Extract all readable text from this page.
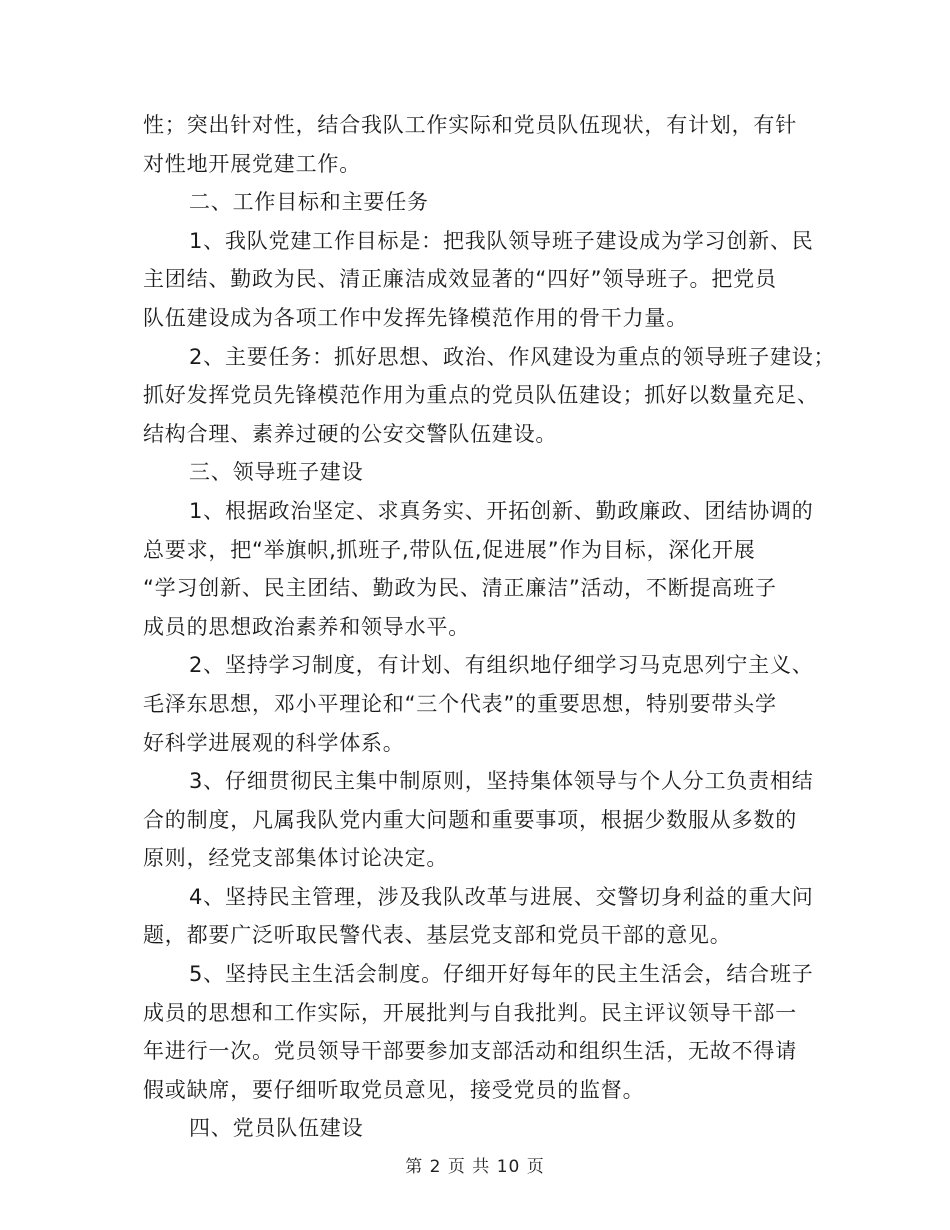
性；突出针对性，结合我队工作实际和党员队伍现状，有计划，有针
对性地开展党建工作。
二、工作目标和主要任务
1、我队党建工作目标是：把我队领导班子建设成为学习创新、民
主团结、勤政为民、清正廉洁成效显著的“四好”领导班子。把党员
队伍建设成为各项工作中发挥先锋模范作用的骨干力量。
2、主要任务：抓好思想、政治、作风建设为重点的领导班子建设；
抓好发挥党员先锋模范作用为重点的党员队伍建设；抓好以数量充足、
结构合理、素养过硬的公安交警队伍建设。
三、领导班子建设
1、根据政治坚定、求真务实、开拓创新、勤政廉政、团结协调的
总要求，把“举旗帜,抓班子,带队伍,促进展”作为目标，深化开展
“学习创新、民主团结、勤政为民、清正廉洁”活动，不断提高班子
成员的思想政治素养和领导水平。
2、坚持学习制度，有计划、有组织地仔细学习马克思列宁主义、
毛泽东思想，邓小平理论和“三个代表”的重要思想，特别要带头学
好科学进展观的科学体系。
3、仔细贯彻民主集中制原则，坚持集体领导与个人分工负责相结
合的制度，凡属我队党内重大问题和重要事项，根据少数服从多数的
原则，经党支部集体讨论决定。
4、坚持民主管理，涉及我队改革与进展、交警切身利益的重大问
题，都要广泛听取民警代表、基层党支部和党员干部的意见。
5、坚持民主生活会制度。仔细开好每年的民主生活会，结合班子
成员的思想和工作实际，开展批判与自我批判。民主评议领导干部一
年进行一次。党员领导干部要参加支部活动和组织生活，无故不得请
假或缺席，要仔细听取党员意见，接受党员的监督。
四、党员队伍建设
第 2 页 共 10 页
